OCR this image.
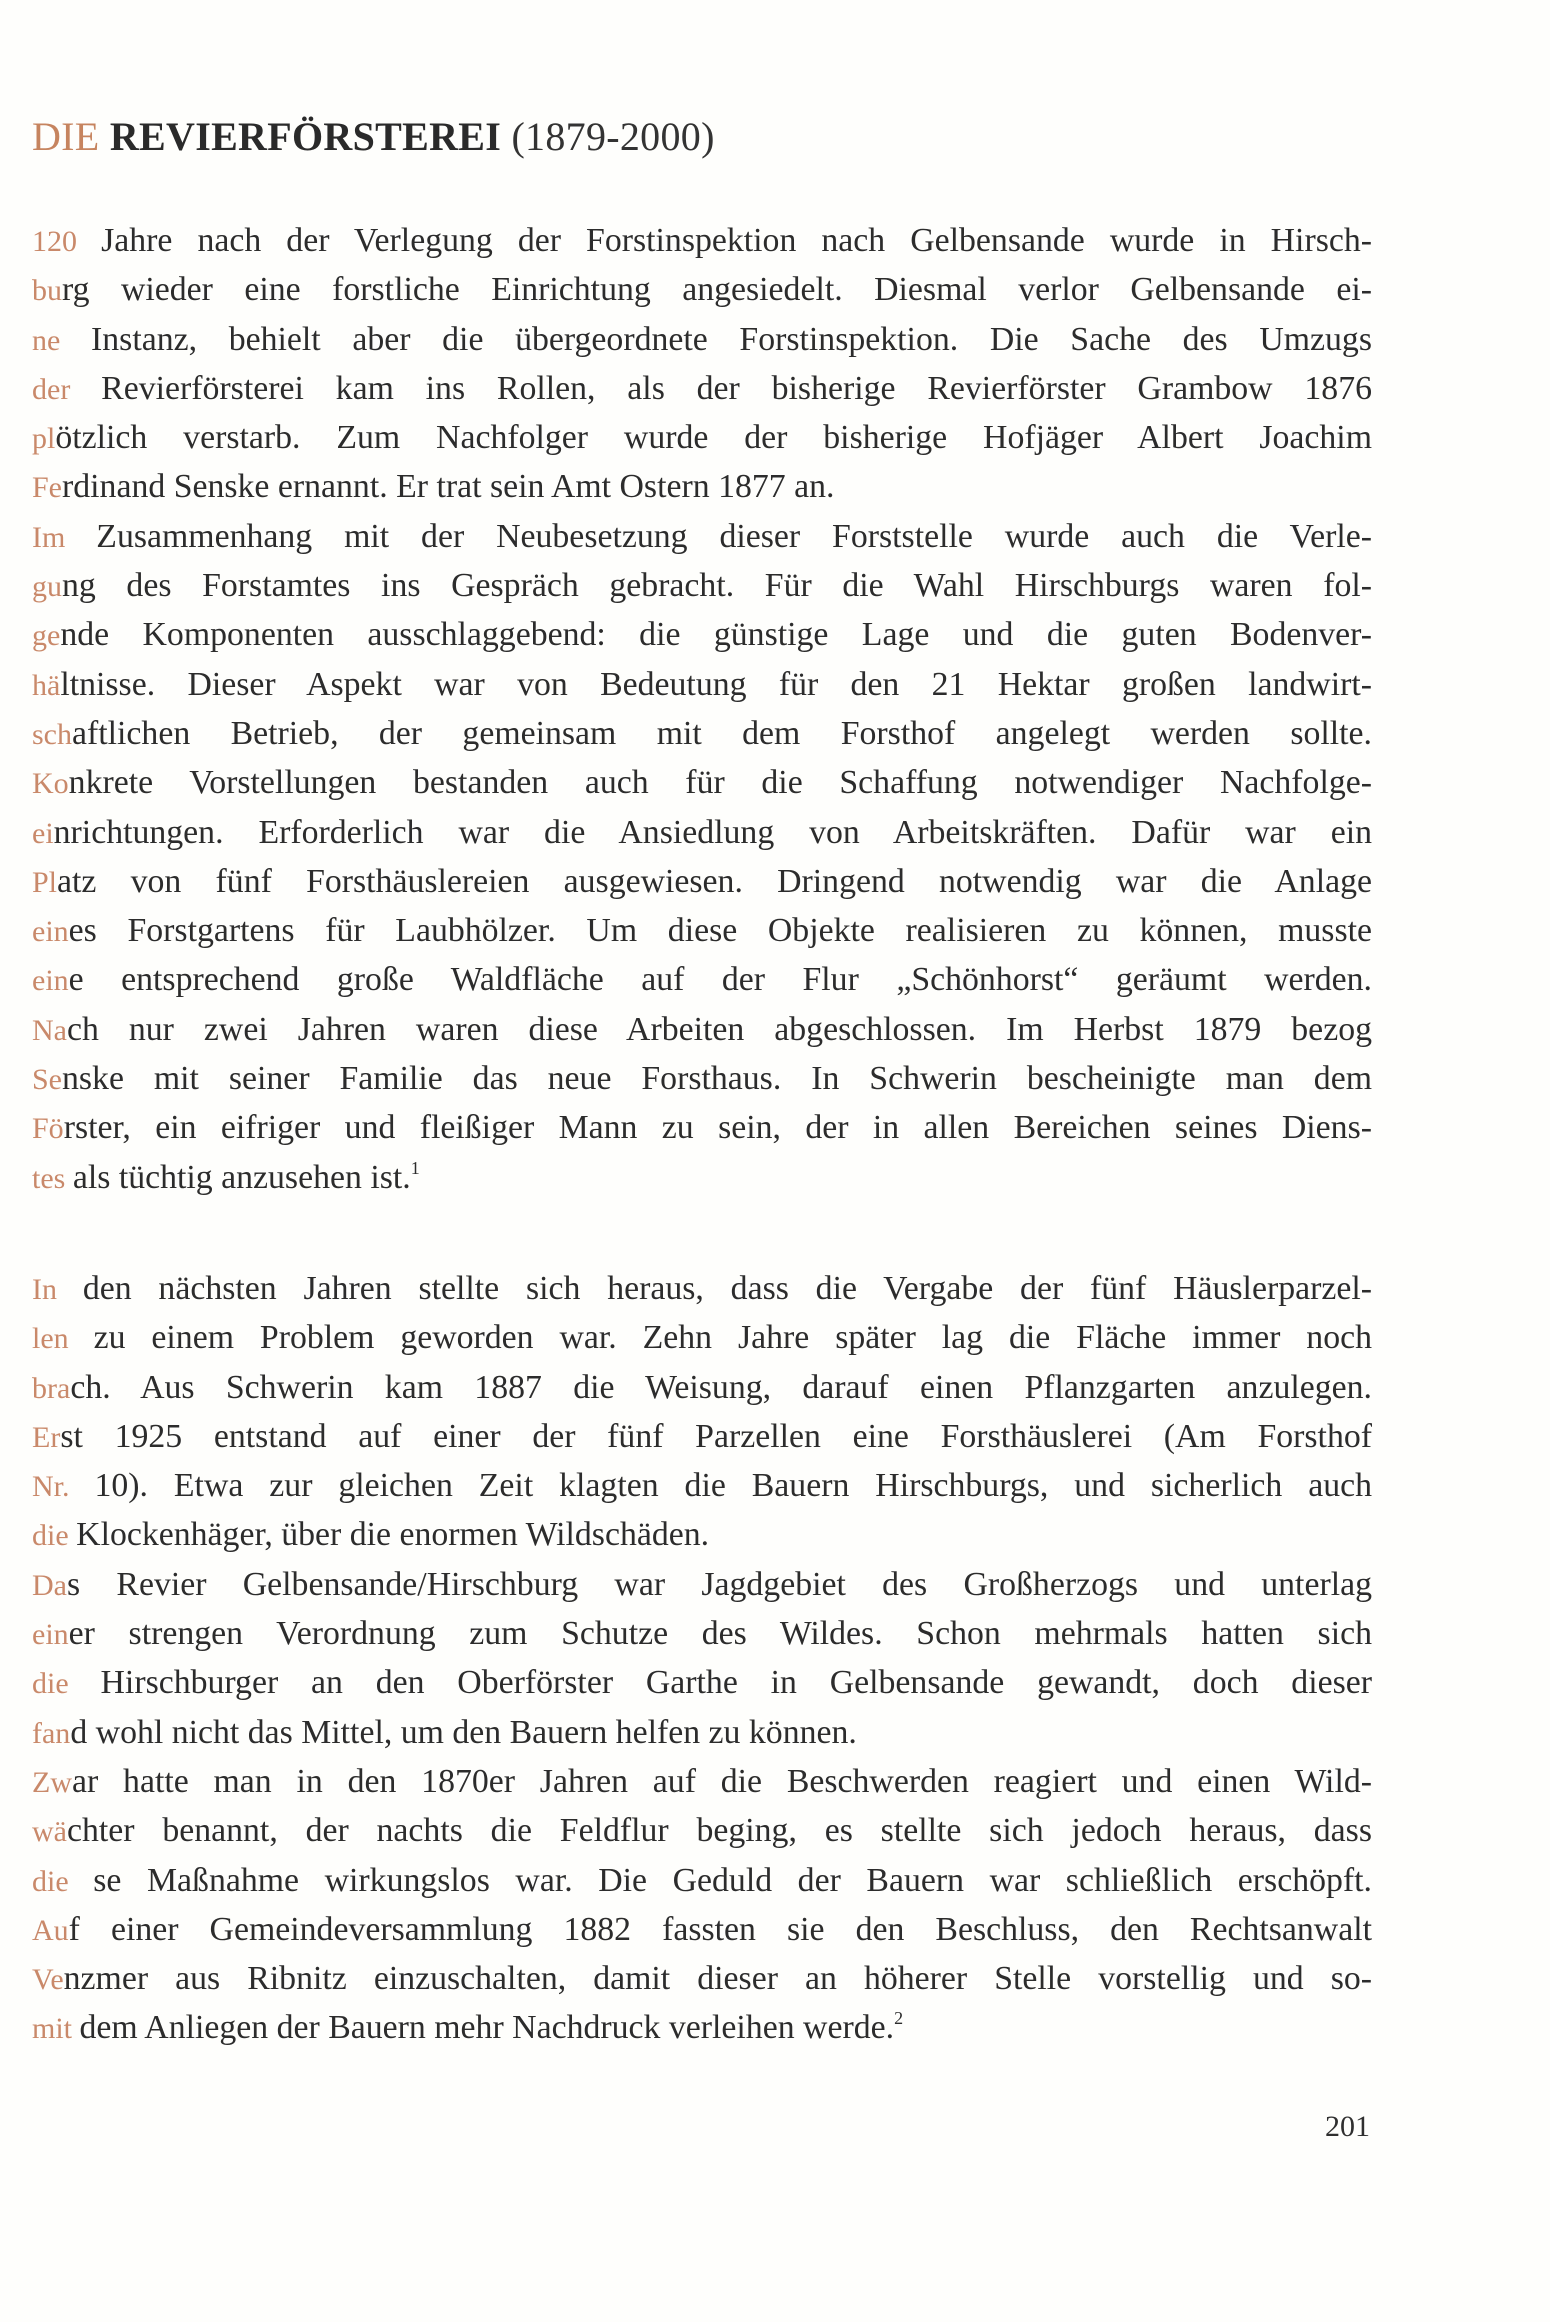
DIE REVIERFÖRSTEREI (1879-2000)
120 Jahre nach der Verlegung der Forstinspektion nach Gelbensande wurde in Hirsch-
burg wieder eine forstliche Einrichtung angesiedelt. Diesmal verlor Gelbensande ei-
ne Instanz, behielt aber die übergeordnete Forstinspektion. Die Sache des Umzugs
der Revierförsterei kam ins Rollen, als der bisherige Revierförster Grambow 1876
plötzlich verstarb. Zum Nachfolger wurde der bisherige Hofjäger Albert Joachim
Ferdinand Senske ernannt. Er trat sein Amt Ostern 1877 an.
Im Zusammenhang mit der Neubesetzung dieser Forststelle wurde auch die Verle-
gung des Forstamtes ins Gespräch gebracht. Für die Wahl Hirschburgs waren fol-
gende Komponenten ausschlaggebend: die günstige Lage und die guten Bodenver-
hältnisse. Dieser Aspekt war von Bedeutung für den 21 Hektar großen landwirt-
schaftlichen Betrieb, der gemeinsam mit dem Forsthof angelegt werden sollte.
Konkrete Vorstellungen bestanden auch für die Schaffung notwendiger Nachfolge-
einrichtungen. Erforderlich war die Ansiedlung von Arbeitskräften. Dafür war ein
Platz von fünf Forsthäuslereien ausgewiesen. Dringend notwendig war die Anlage
eines Forstgartens für Laubhölzer. Um diese Objekte realisieren zu können, musste
eine entsprechend große Waldfläche auf der Flur „Schönhorst“ geräumt werden.
Nach nur zwei Jahren waren diese Arbeiten abgeschlossen. Im Herbst 1879 bezog
Senske mit seiner Familie das neue Forsthaus. In Schwerin bescheinigte man dem
Förster, ein eifriger und fleißiger Mann zu sein, der in allen Bereichen seines Diens-
tes als tüchtig anzusehen ist.$^1$
In den nächsten Jahren stellte sich heraus, dass die Vergabe der fünf Häuslerparzel-
len zu einem Problem geworden war. Zehn Jahre später lag die Fläche immer noch
brach. Aus Schwerin kam 1887 die Weisung, darauf einen Pflanzgarten anzulegen.
Erst 1925 entstand auf einer der fünf Parzellen eine Forsthäuslerei (Am Forsthof
Nr. 10). Etwa zur gleichen Zeit klagten die Bauern Hirschburgs, und sicherlich auch
die Klockenhäger, über die enormen Wildschäden.
Das Revier Gelbensande/Hirschburg war Jagdgebiet des Großherzogs und unterlag
einer strengen Verordnung zum Schutze des Wildes. Schon mehrmals hatten sich
die Hirschburger an den Oberförster Garthe in Gelbensande gewandt, doch dieser
fand wohl nicht das Mittel, um den Bauern helfen zu können.
Zwar hatte man in den 1870er Jahren auf die Beschwerden reagiert und einen Wild-
wächter benannt, der nachts die Feldflur beging, es stellte sich jedoch heraus, dass
die se Maßnahme wirkungslos war. Die Geduld der Bauern war schließlich erschöpft.
Auf einer Gemeindeversammlung 1882 fassten sie den Beschluss, den Rechtsanwalt
Venzmer aus Ribnitz einzuschalten, damit dieser an höherer Stelle vorstellig und so-
mit dem Anliegen der Bauern mehr Nachdruck verleihen werde.$^2$
201
